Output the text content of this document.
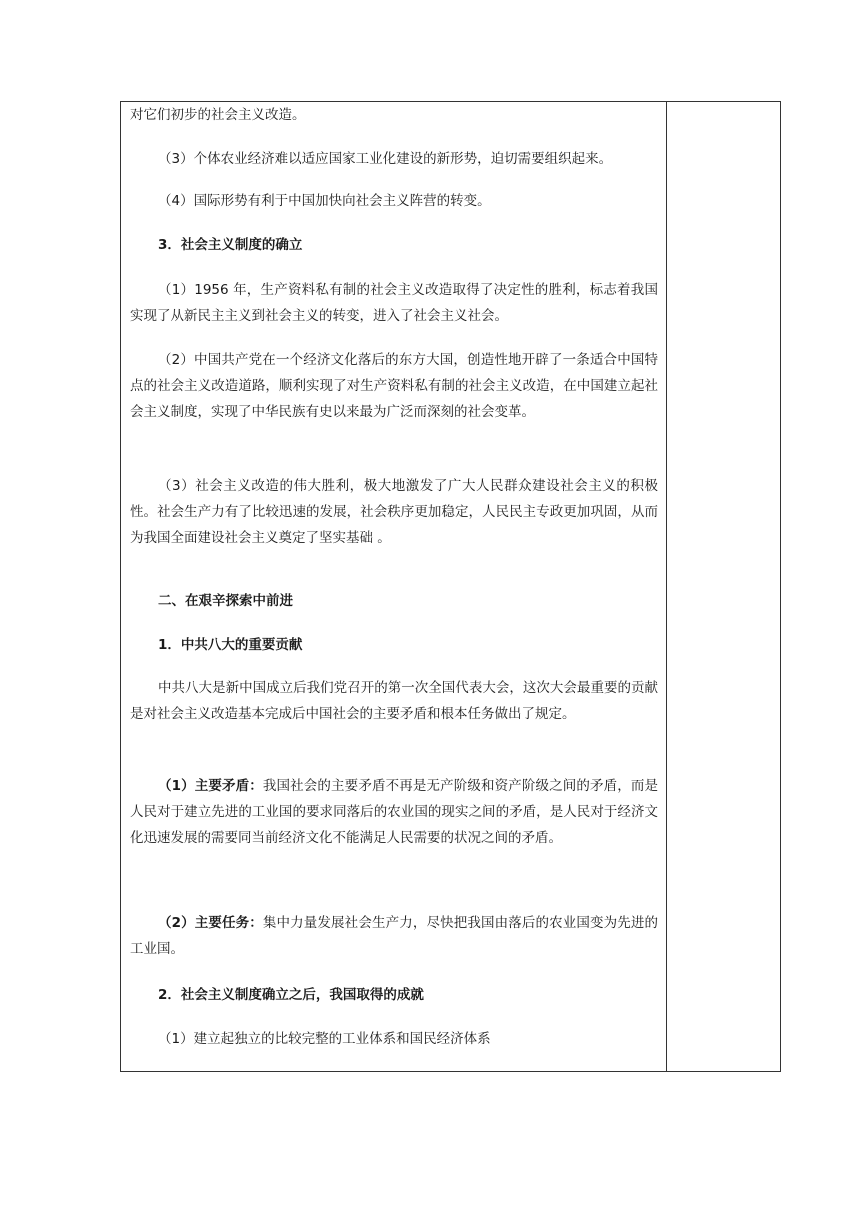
对它们初步的社会主义改造。

（3）个体农业经济难以适应国家工业化建设的新形势，迫切需要组织起来。

（4）国际形势有利于中国加快向社会主义阵营的转变。

3．社会主义制度的确立

（1）1956 年，生产资料私有制的社会主义改造取得了决定性的胜利，标志着我国实现了从新民主主义到社会主义的转变，进入了社会主义社会。

（2）中国共产党在一个经济文化落后的东方大国，创造性地开辟了一条适合中国特点的社会主义改造道路，顺利实现了对生产资料私有制的社会主义改造，在中国建立起社会主义制度，实现了中华民族有史以来最为广泛而深刻的社会变革。

（3）社会主义改造的伟大胜利，极大地激发了广大人民群众建设社会主义的积极性。社会生产力有了比较迅速的发展，社会秩序更加稳定，人民民主专政更加巩固，从而为我国全面建设社会主义奠定了坚实基础 。

二、在艰辛探索中前进

1．中共八大的重要贡献

中共八大是新中国成立后我们党召开的第一次全国代表大会，这次大会最重要的贡献是对社会主义改造基本完成后中国社会的主要矛盾和根本任务做出了规定。

（1）主要矛盾：我国社会的主要矛盾不再是无产阶级和资产阶级之间的矛盾，而是人民对于建立先进的工业国的要求同落后的农业国的现实之间的矛盾，是人民对于经济文化迅速发展的需要同当前经济文化不能满足人民需要的状况之间的矛盾。

（2）主要任务：集中力量发展社会生产力，尽快把我国由落后的农业国变为先进的工业国。

2．社会主义制度确立之后，我国取得的成就

（1）建立起独立的比较完整的工业体系和国民经济体系
